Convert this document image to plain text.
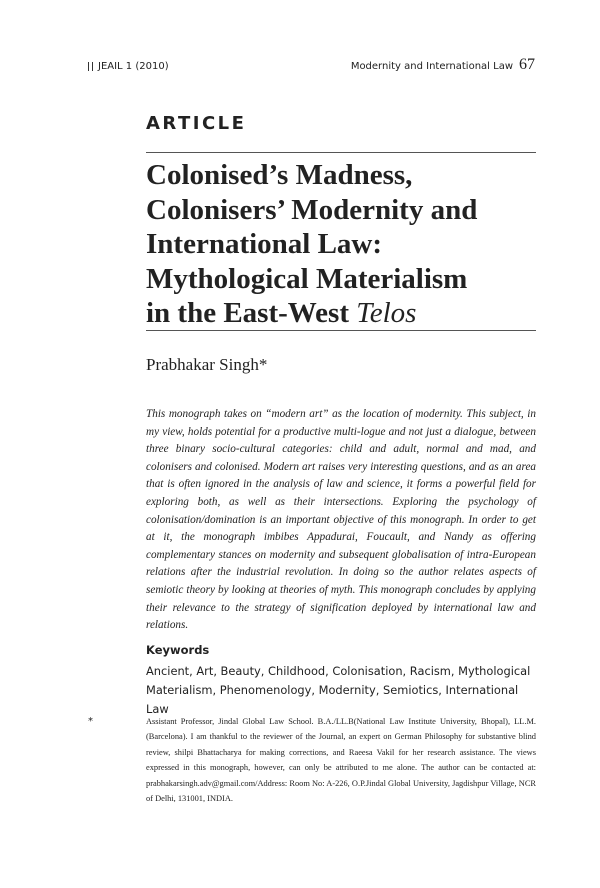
JEAIL 1 (2010)	Modernity and International Law 67
ARTICLE
Colonised’s Madness,
Colonisers’ Modernity and
International Law:
Mythological Materialism
in the East-West Telos
Prabhakar Singh*

This monograph takes on “modern art” as the location of modernity. This subject, in my view, holds potential for a productive multi-logue and not just a dialogue, between three binary socio-cultural categories: child and adult, normal and mad, and colonisers and colonised. Modern art raises very interesting questions, and as an area that is often ignored in the analysis of law and science, it forms a powerful field for exploring both, as well as their intersections. Exploring the psychology of colonisation/domination is an important objective of this monograph. In order to get at it, the monograph imbibes Appadurai, Foucault, and Nandy as offering complementary stances on modernity and subsequent globalisation of intra-European relations after the industrial revolution. In doing so the author relates aspects of semiotic theory by looking at theories of myth. This monograph concludes by applying their relevance to the strategy of signification deployed by international law and relations.

Keywords

Ancient, Art, Beauty, Childhood, Colonisation, Racism, Mythological Materialism, Phenomenology, Modernity, Semiotics, International Law

*	Assistant Professor, Jindal Global Law School. B.A./LL.B(National Law Institute University, Bhopal), LL.M.(Barcelona). I am thankful to the reviewer of the Journal, an expert on German Philosophy for substantive blind review, shilpi Bhattacharya for making corrections, and Raeesa Vakil for her research assistance. The views expressed in this monograph, however, can only be attributed to me alone. The author can be contacted at: prabhakarsingh.adv@gmail.com/Address: Room No: A-226, O.P.Jindal Global University, Jagdishpur Village, NCR of Delhi, 131001, INDIA.
